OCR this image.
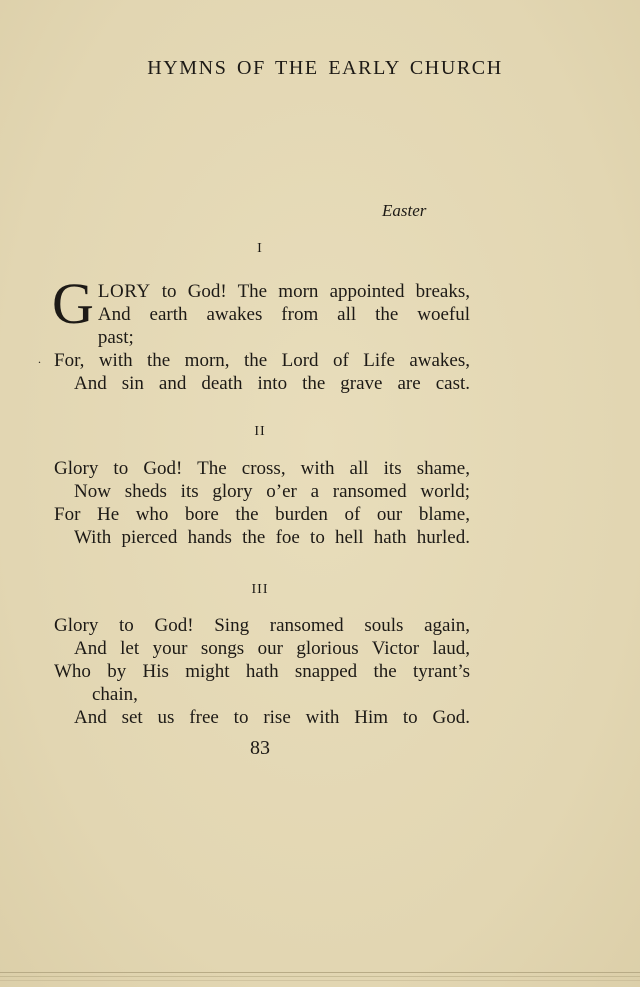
HYMNS OF THE EARLY CHURCH
Easter
I
G LORY to God! The morn appointed breaks,
And earth awakes from all the woeful
past;
For, with the morn, the Lord of Life awakes,
And sin and death into the grave are cast.
II
Glory to God! The cross, with all its shame,
Now sheds its glory o’er a ransomed world;
For He who bore the burden of our blame,
With pierced hands the foe to hell hath hurled.
III
Glory to God! Sing ransomed souls again,
And let your songs our glorious Victor laud,
Who by His might hath snapped the tyrant’s
chain,
And set us free to rise with Him to God.
83
.
